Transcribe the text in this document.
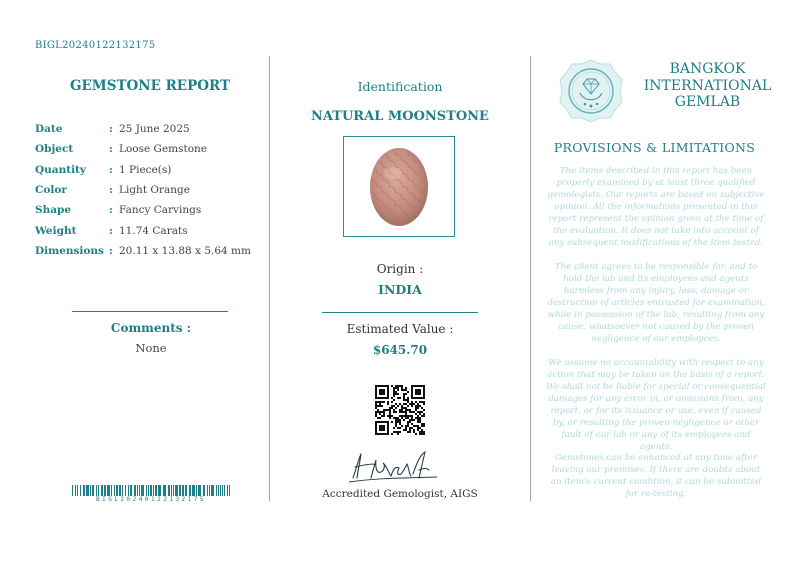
BIGL20240122132175
GEMSTONE REPORT
Date	: 25 June 2025
Object	: Loose Gemstone
Quantity	: 1 Piece(s)
Color	: Light Orange
Shape	: Fancy Carvings
Weight	: 11.74 Carats
Dimensions : 20.11 x 13.88 x 5.64 mm
Comments :
None
BIGL20240122132175
Identification
NATURAL MOONSTONE
Origin :
INDIA
Estimated Value :
$645.70
Accredited Gemologist, AIGS
BANGKOK
INTERNATIONAL
GEMLAB
PROVISIONS & LIMITATIONS
The items described in this report has been properly examined by at least three qualified gemologists. Our reports are based on subjective opinion. All the informations presented in this report represent the opinion given at the time of the evaluation. It does not take into account of any subsequent modifications of the item tested.
The client agrees to be responsible for, and to hold the lab and its employees and agents harmless from any injury, loss, damage or destruction of articles entrusted for examination, while in possession of the lab, resulting from any cause, whatsoever not caused by the proven negligence of our employees.
We assume no accountability with respect to any action that may be taken on the basis of a report. We shall not be liable for special or consequential damages for any error in, or omissions from, any report, or for its issuance or use, even if caused by, or resulting the proven negligence or other fault of our lab or any of its employees and agents.
Gemstones can be enhanced at any time after leaving our premises. If there are doubts about an item's current condition, it can be submitted for re-testing.
